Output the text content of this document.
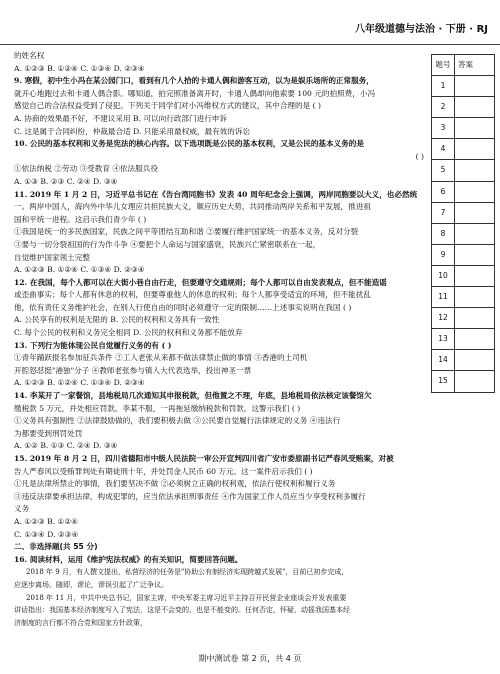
八年级道德与法治 · 下册 · RJ

的姓名权

A. ①②③ B. ①②④ C. ①③④ D. ②③④

9. 寒假，初中生小冯在某公园门口，看到有几个人拾的卡通人偶和游客互动，以为是娱乐场所的正常服务，

就开心地跑过去和卡通人偶合影。哪知道，拍完照准备离开时，卡通人偶却向他索要 100 元的拍照费，小冯

感觉自己的合法权益受到了侵犯。下列关于同学们对小冯维权方式的建议，其中合理的是 ( )

A. 协商的效果最不好，不建议采用 B. 可以向行政部门进行申诉

C. 这是属于合同纠纷，仲裁最合适 D. 只能采用最权威，最有效的诉讼

10. 公民的基本权利和义务是宪法的核心内容。以下选项既是公民的基本权利，又是公民的基本义务的是

( )

①依法纳税 ②劳动 ③受教育 ④依法服兵役

A. ①③ B. ②③ C. ②④ D. ③④

11. 2019 年 1 月 2 日，习近平总书记在《告台湾同胞书》发表 40 周年纪念会上强调，两岸同胞要以大义，也必然统

一。两岸中国人，海内外中华儿女理应共担民族大义，顺应历史大势，共同推动两岸关系和平发展，推进祖

国和平统一进程。这启示我们青少年 ( )

①我国是统一的多民族国家，民族之间平等团结互助和谐 ②要履行维护国家统一的基本义务，反对分裂

③要与一切分裂祖国的行为作斗争 ④要把个人命运与国家盛衰，民族兴亡紧密联系在一起，

自觉维护国家领土完整

A. ①②③ B. ①②④ C. ①③④ D. ②③④

12. 在我国，每个人都可以在大街小巷自由行走，但要遵守交通规则；每个人都可以自由发表观点，但不能造谣

或歪曲事实；每个人都有休息的权利，但要尊重他人的休息的权利；每个人都享受适宜的环境，但不能扰乱

他，依有责任义务维护社会，在别人行使自由的同时必须遵守一定的限制……上述事实说明在我国 ( )

A. 公民享有的权利是无限的 B. 公民的权利和义务具有一致性

C. 每个公民的权利和义务完全相同 D. 公民的权利和义务都不能放弃

13. 下列行为能体现公民自觉履行义务的有 ( )

①青年踊跃报名参加征兵条件 ②工人老张从来都不做法律禁止做的事情 ③香港的土司机

开腔怒怼挺"港独"分子 ④教师老张参与镇人大代表选举，投出神圣一票

A. ①②③ B. ①②④ C. ①③④ D. ②③④

14. 李某开了一家餐馆，县地税局几次通知其申报税款，但他置之不理，年底，县地税局依法核定该餐馆欠

缴税款 5 万元，并处相应罚款。李某不服，一再拖延缴纳税款和罚款。这警示我们 ( )

①义务具有强制性 ②法律鼓励做的，我们要积极去做 ③公民要自觉履行法律规定的义务 ④违法行

为都要受到刑罚处罚

A. ①② B. ①③ C. ②④ D. ③④

15. 2019 年 8 月 2 日，四川省德阳市中级人民法院一审公开宣判四川省广安市委原副书记严春风受贿案，对被

告人严春风以受贿罪判处有期徒刑十年，并处罚金人民币 60 万元。这一案件启示我们 ( )

①凡是法律所禁止的事情，我们要坚决不做 ②必须树立正确的权利观，依法行使权利和履行义务

③违反法律要承担法律，构成犯罪的，应当依法承担刑事责任 ④作为国家工作人员应当少享受权利多履行

义务

A. ①②③ B. ①②④

C. ①③④ D. ②③④

二、非选择题(共 55 分)

16. 阅读材料，运用《维护宪法权威》的有关知识，简要回答问题。

2018 年 9 月，有人撰文提出，私营经济的任务是"协助公有制经济实现跨越式发展"，目前已初步完成，

应逐步离场。随即，谬论，谬误引起了广泛争议。

2018 年 11 月，中共中央总书记，国家主席，中央军委主席习近平主持召开民营企业座谈会并发表重要

讲话指出：我国基本经济制度写入了宪法，这是不会变的，也是不能变的。任何否定，怀疑，动摇我国基本经

济制度的言行都不符合党和国家方针政策，

题号	答案
1
2
3
4
5
6
7
8
9
10
11
12
13
14
15
期中测试卷 第 2 页，共 4 页
